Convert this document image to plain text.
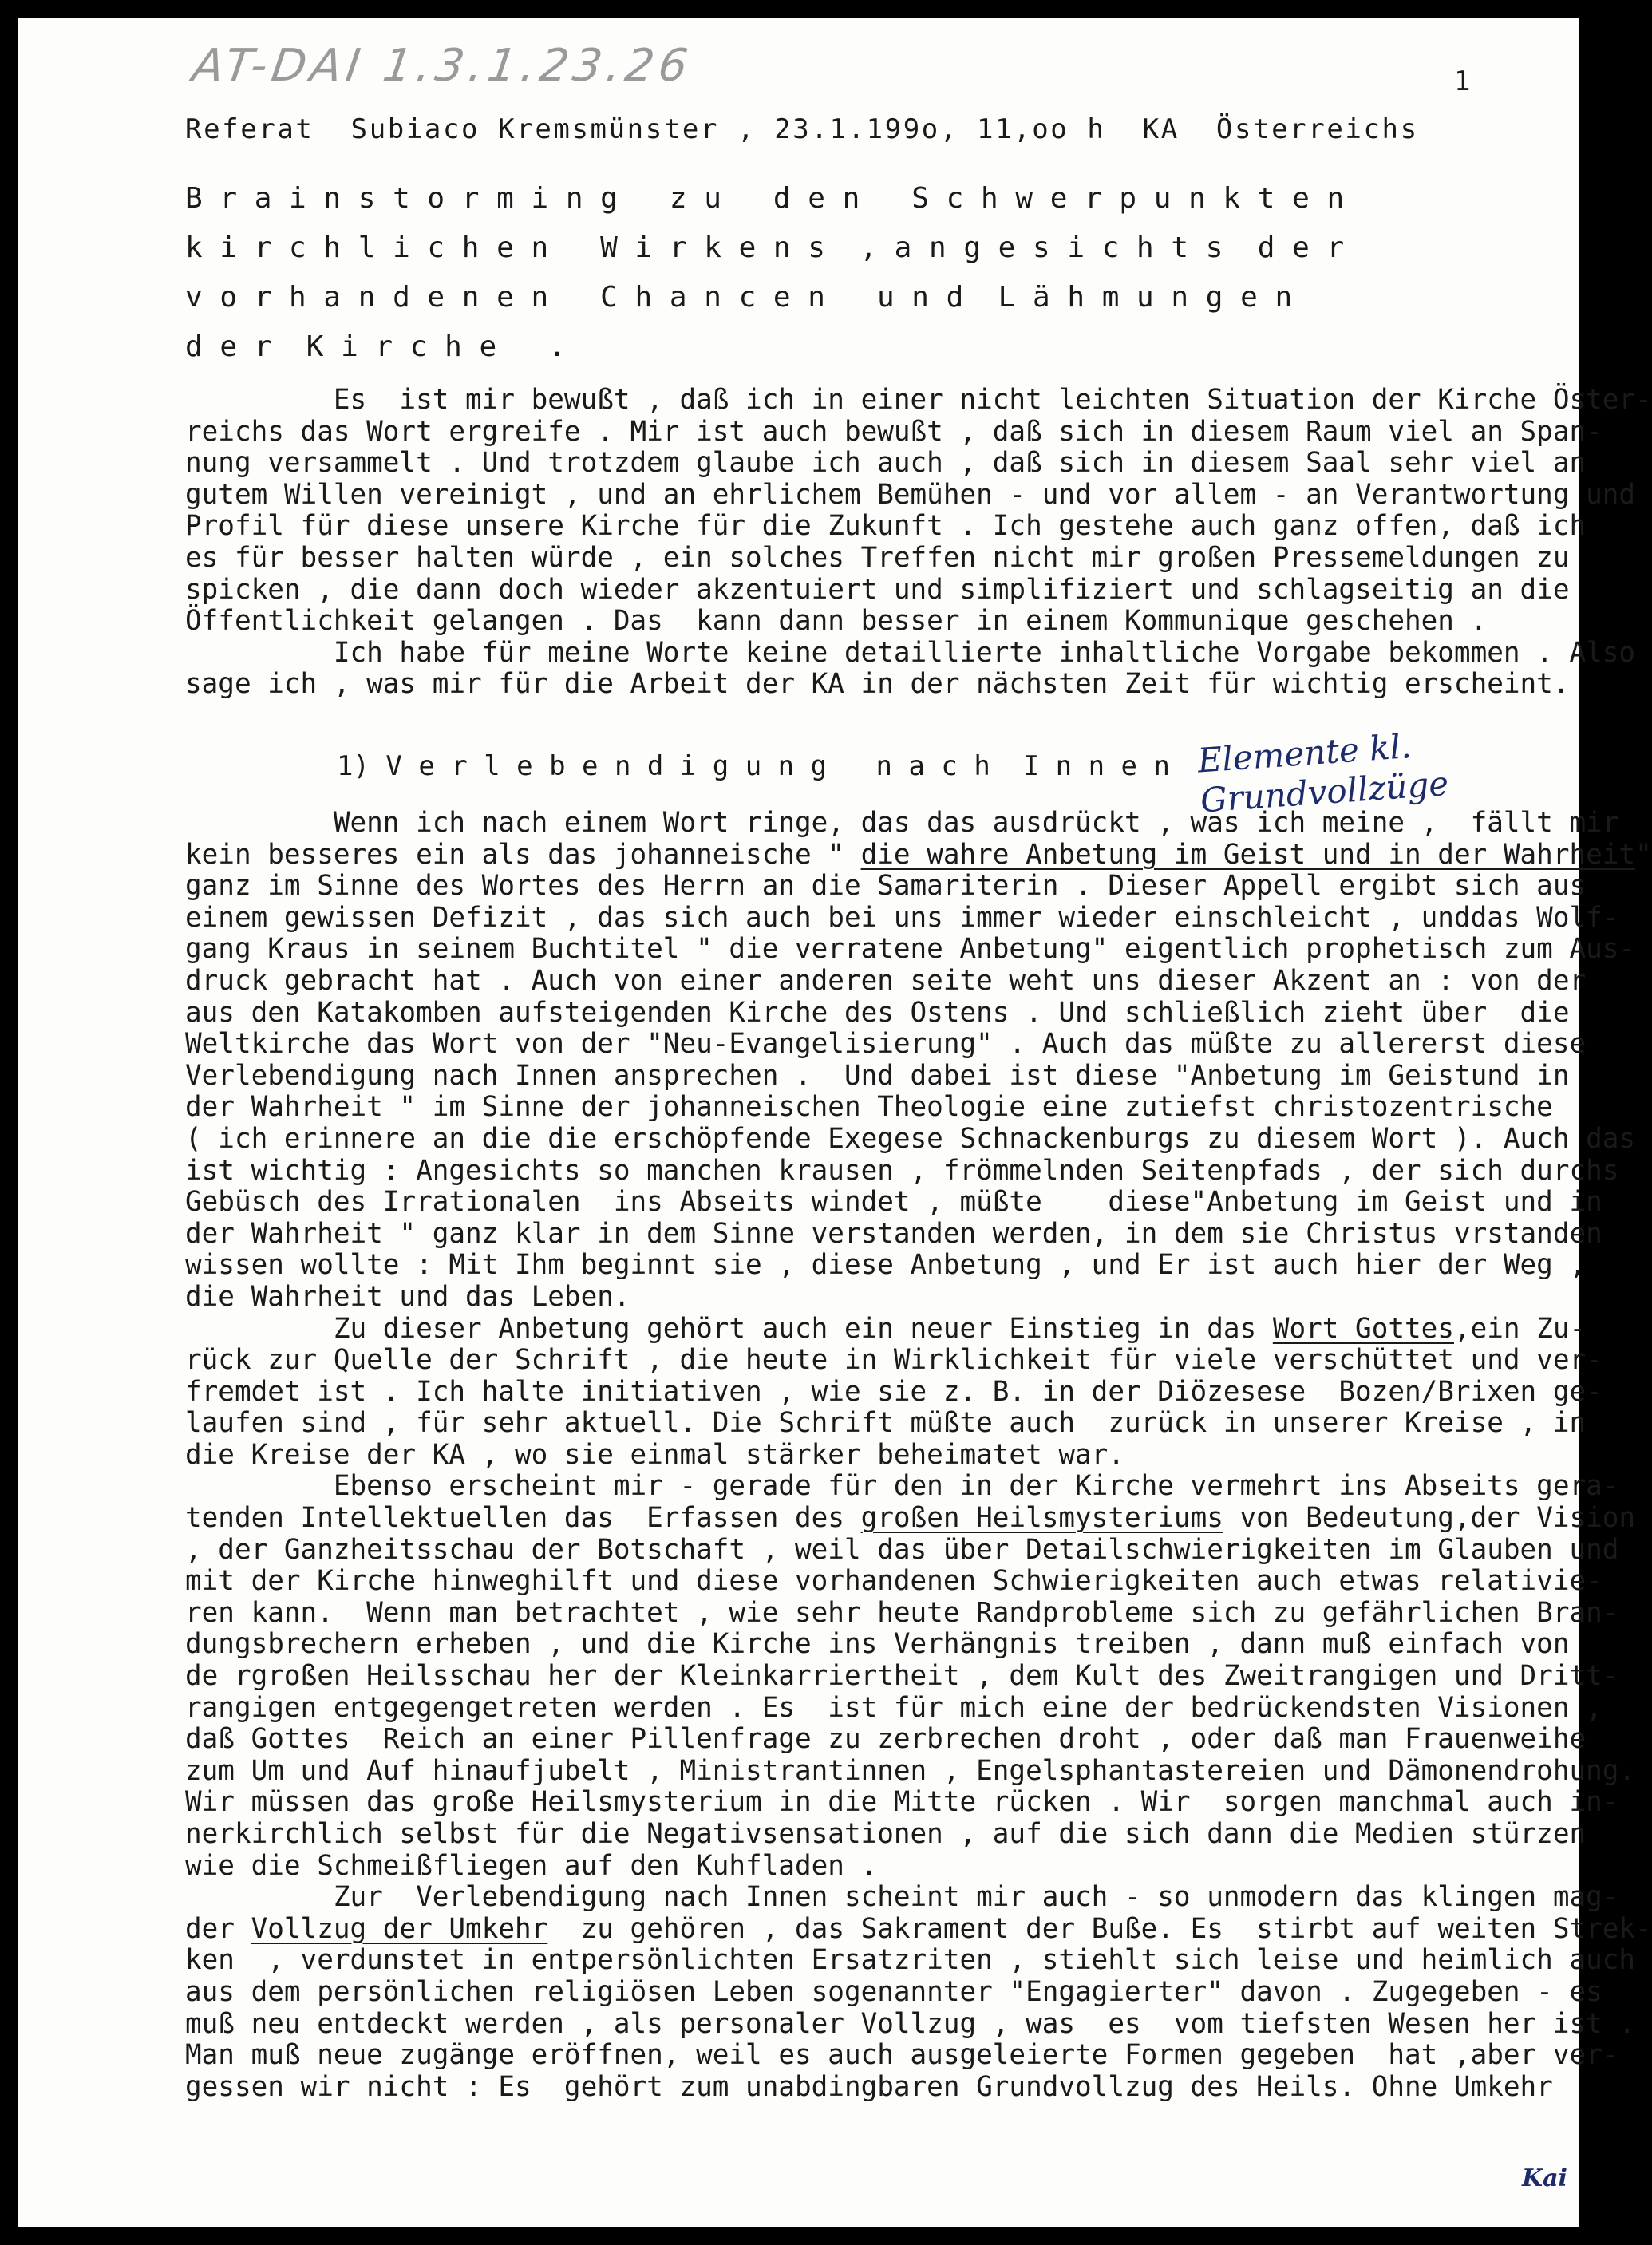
AT-DAI 1.3.1.23.26	1
Referat  Subiaco Kremsmünster , 23.1.199o, 11,oo h  KA  Österreichs
B r a i n s t o r m i n g   z u   d e n   S c h w e r p u n k t e n
k i r c h l i c h e n   W i r k e n s  , a n g e s i c h t s  d e r
v o r h a n d e n e n   C h a n c e n   u n d  L ä h m u n g e n
d e r  K i r c h e   .
Es  ist mir bewußt , daß ich in einer nicht leichten Situation der Kirche Öster-
reichs das Wort ergreife . Mir ist auch bewußt , daß sich in diesem Raum viel an Span-
nung versammelt . Und trotzdem glaube ich auch , daß sich in diesem Saal sehr viel an
gutem Willen vereinigt , und an ehrlichem Bemühen - und vor allem - an Verantwortung und
Profil für diese unsere Kirche für die Zukunft . Ich gestehe auch ganz offen, daß ich
es für besser halten würde , ein solches Treffen nicht mir großen Pressemeldungen zu
spicken , die dann doch wieder akzentuiert und simplifiziert und schlagseitig an die
Öffentlichkeit gelangen . Das  kann dann besser in einem Kommunique geschehen .
Ich habe für meine Worte keine detaillierte inhaltliche Vorgabe bekommen . Also
sage ich , was mir für die Arbeit der KA in der nächsten Zeit für wichtig erscheint.
1) V e r l e b e n d i g u n g   n a c h  I n n e n Elemente kl. Grundvollzüge
Wenn ich nach einem Wort ringe, das das ausdrückt , was ich meine ,  fällt mir
kein besseres ein als das johanneische " die wahre Anbetung im Geist und in der Wahrheit"
ganz im Sinne des Wortes des Herrn an die Samariterin . Dieser Appell ergibt sich aus
einem gewissen Defizit , das sich auch bei uns immer wieder einschleicht , unddas Wolf-
gang Kraus in seinem Buchtitel " die verratene Anbetung" eigentlich prophetisch zum Aus-
druck gebracht hat . Auch von einer anderen seite weht uns dieser Akzent an : von der
aus den Katakomben aufsteigenden Kirche des Ostens . Und schließlich zieht über  die
Weltkirche das Wort von der "Neu-Evangelisierung" . Auch das müßte zu allererst diese
Verlebendigung nach Innen ansprechen .  Und dabei ist diese "Anbetung im Geistund in
der Wahrheit " im Sinne der johanneischen Theologie eine zutiefst christozentrische
( ich erinnere an die die erschöpfende Exegese Schnackenburgs zu diesem Wort ). Auch das
ist wichtig : Angesichts so manchen krausen , frömmelnden Seitenpfads , der sich durchs
Gebüsch des Irrationalen  ins Abseits windet , müßte    diese"Anbetung im Geist und in
der Wahrheit " ganz klar in dem Sinne verstanden werden, in dem sie Christus vrstanden
wissen wollte : Mit Ihm beginnt sie , diese Anbetung , und Er ist auch hier der Weg ,
die Wahrheit und das Leben.
Zu dieser Anbetung gehört auch ein neuer Einstieg in das Wort Gottes,ein Zu-
rück zur Quelle der Schrift , die heute in Wirklichkeit für viele verschüttet und ver-
fremdet ist . Ich halte initiativen , wie sie z. B. in der Diözesese  Bozen/Brixen ge-
laufen sind , für sehr aktuell. Die Schrift müßte auch  zurück in unserer Kreise , in
die Kreise der KA , wo sie einmal stärker beheimatet war.
Ebenso erscheint mir - gerade für den in der Kirche vermehrt ins Abseits gera-
tenden Intellektuellen das  Erfassen des großen Heilsmysteriums von Bedeutung,der Vision
, der Ganzheitsschau der Botschaft , weil das über Detailschwierigkeiten im Glauben und
mit der Kirche hinweghilft und diese vorhandenen Schwierigkeiten auch etwas relativie-
ren kann.  Wenn man betrachtet , wie sehr heute Randprobleme sich zu gefährlichen Bran-
dungsbrechern erheben , und die Kirche ins Verhängnis treiben , dann muß einfach von
de rgroßen Heilsschau her der Kleinkarriertheit , dem Kult des Zweitrangigen und Dritt-
rangigen entgegengetreten werden . Es  ist für mich eine der bedrückendsten Visionen ,
daß Gottes  Reich an einer Pillenfrage zu zerbrechen droht , oder daß man Frauenweihe
zum Um und Auf hinaufjubelt , Ministrantinnen , Engelsphantastereien und Dämonendrohung.
Wir müssen das große Heilsmysterium in die Mitte rücken . Wir  sorgen manchmal auch in-
nerkirchlich selbst für die Negativsensationen , auf die sich dann die Medien stürzen
wie die Schmeißfliegen auf den Kuhfladen .
Zur  Verlebendigung nach Innen scheint mir auch - so unmodern das klingen mag-
der Vollzug der Umkehr  zu gehören , das Sakrament der Buße. Es  stirbt auf weiten Strek-
ken  , verdunstet in entpersönlichten Ersatzriten , stiehlt sich leise und heimlich auch
aus dem persönlichen religiösen Leben sogenannter "Engagierter" davon . Zugegeben - es
muß neu entdeckt werden , als personaler Vollzug , was  es  vom tiefsten Wesen her ist .
Man muß neue zugänge eröffnen, weil es auch ausgeleierte Formen gegeben  hat ,aber ver-
gessen wir nicht : Es  gehört zum unabdingbaren Grundvollzug des Heils. Ohne Umkehr
Kai
